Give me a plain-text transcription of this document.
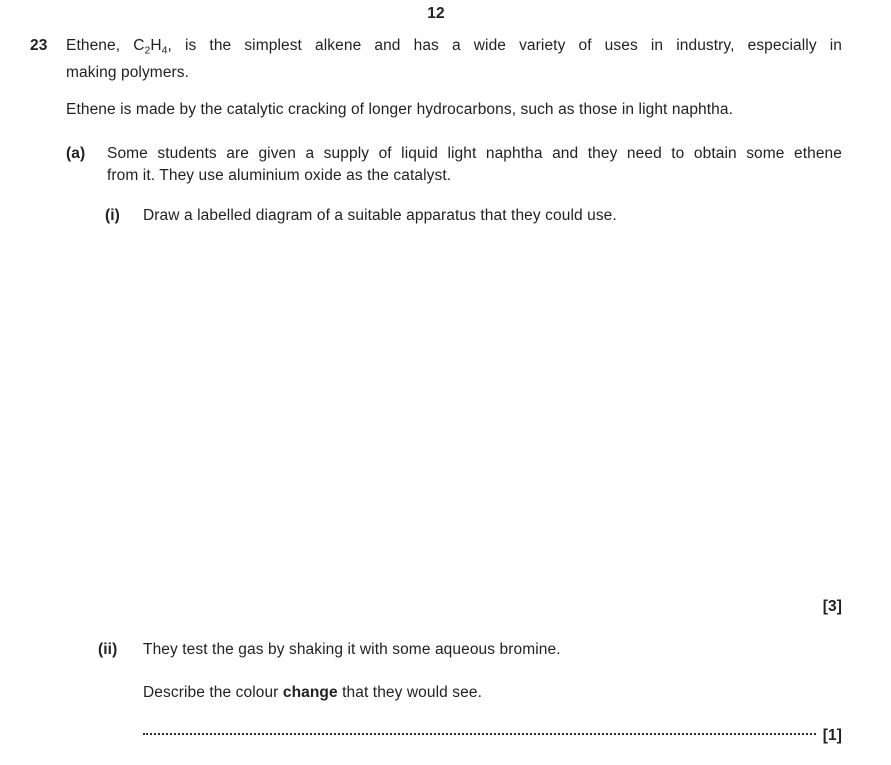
12
23	Ethene, $C_2H_4$, is the simplest alkene and has a wide variety of uses in industry, especially in
making polymers.
Ethene is made by the catalytic cracking of longer hydrocarbons, such as those in light naphtha.
(a)	Some students are given a supply of liquid light naphtha and they need to obtain some ethene
from it. They use aluminium oxide as the catalyst.
(i)	Draw a labelled diagram of a suitable apparatus that they could use.
[3]
(ii)	They test the gas by shaking it with some aqueous bromine.
Describe the colour change that they would see.
[1]
